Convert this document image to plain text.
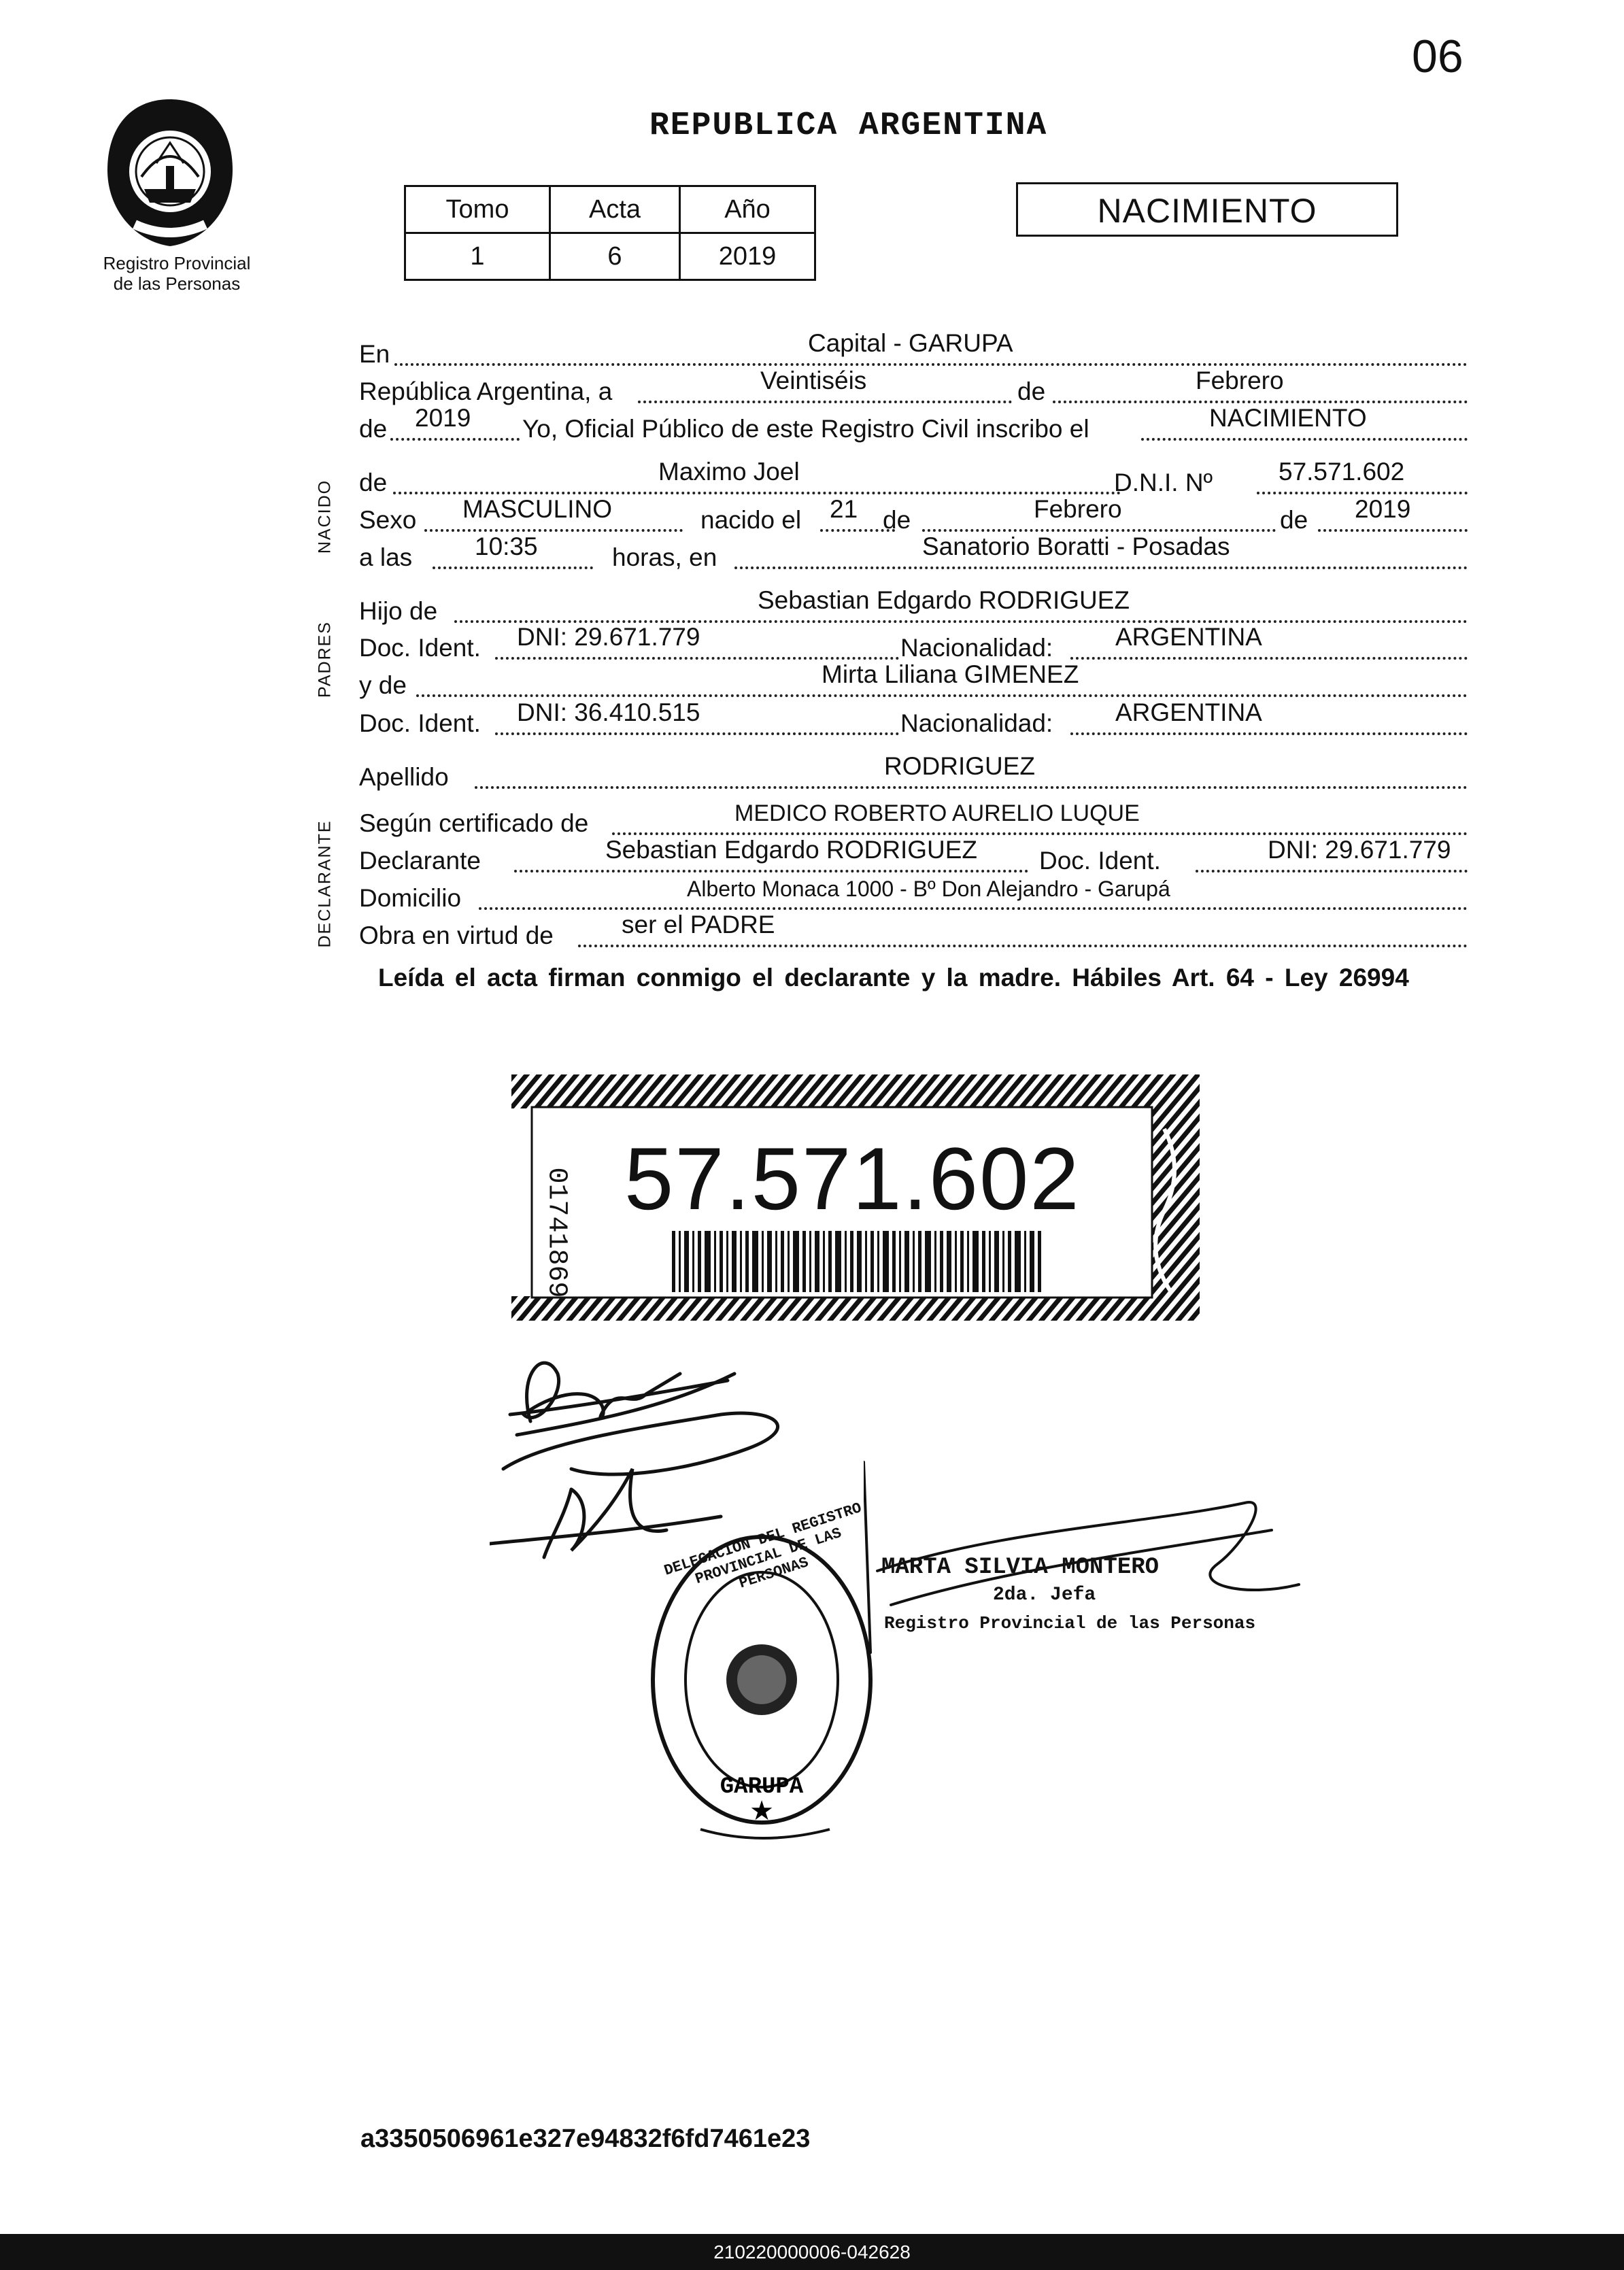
06
Registro Provincial
de las Personas
REPUBLICA ARGENTINA
Tomo	Acta	Año
1	6	2019
NACIMIENTO
NACIDO
PADRES
DECLARANTE
En	Capital - GARUPA
República Argentina, a	Veintiséis	de	Febrero
de 2019 Yo, Oficial Público de este Registro Civil inscribo el	NACIMIENTO
de	Maximo Joel	D.N.I. Nº	57.571.602
Sexo MASCULINO	nacido el 21 de	Febrero	de 2019
a las 10:35	horas, en	Sanatorio Boratti - Posadas
Hijo de	Sebastian Edgardo RODRIGUEZ
Doc. Ident. DNI: 29.671.779	Nacionalidad: ARGENTINA
y de	Mirta Liliana GIMENEZ
Doc. Ident. DNI: 36.410.515	Nacionalidad: ARGENTINA
Apellido	RODRIGUEZ
Según certificado de	MEDICO ROBERTO AURELIO LUQUE
Declarante	Sebastian Edgardo RODRIGUEZ Doc. Ident.	DNI: 29.671.779
Domicilio	Alberto Monaca 1000 - Bº Don Alejandro - Garupá
Obra en virtud de	ser el PADRE
Leída el acta firman conmigo el declarante y la madre. Hábiles Art. 64 - Ley 26994
01741869 57.571.602
GARUPA
★
DELEGACION DEL REGISTRO PROVINCIAL DE LAS PERSONAS	MARTA SILVIA MONTERO
2da. Jefa
Registro Provincial de las Personas
a3350506961e327e94832f6fd7461e23
210220000006-042628
